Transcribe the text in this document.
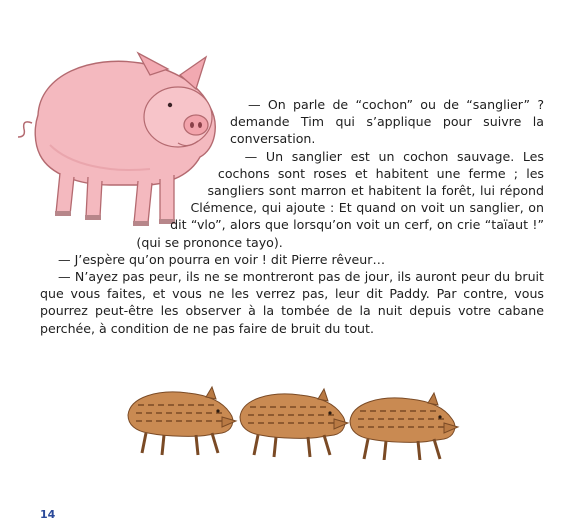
— On parle de “cochon” ou de “sanglier” ? demande Tim qui s’applique pour suivre la conversation.

— Un sanglier est un cochon sauvage. Les cochons sont roses et habitent une ferme ; les sangliers sont marron et habitent la forêt, lui répond Clémence, qui ajoute : Et quand on voit un sanglier, on dit “vlo”, alors que lorsqu’on voit un cerf, on crie “taïaut !” (qui se prononce tayo).

— J’espère qu’on pourra en voir ! dit Pierre rêveur…

— N’ayez pas peur, ils ne se montreront pas de jour, ils auront peur du bruit que vous faites, et vous ne les verrez pas, leur dit Paddy. Par contre, vous pourrez peut-être les observer à la tombée de la nuit depuis votre cabane perchée, à condition de ne pas faire de bruit du tout.

14
